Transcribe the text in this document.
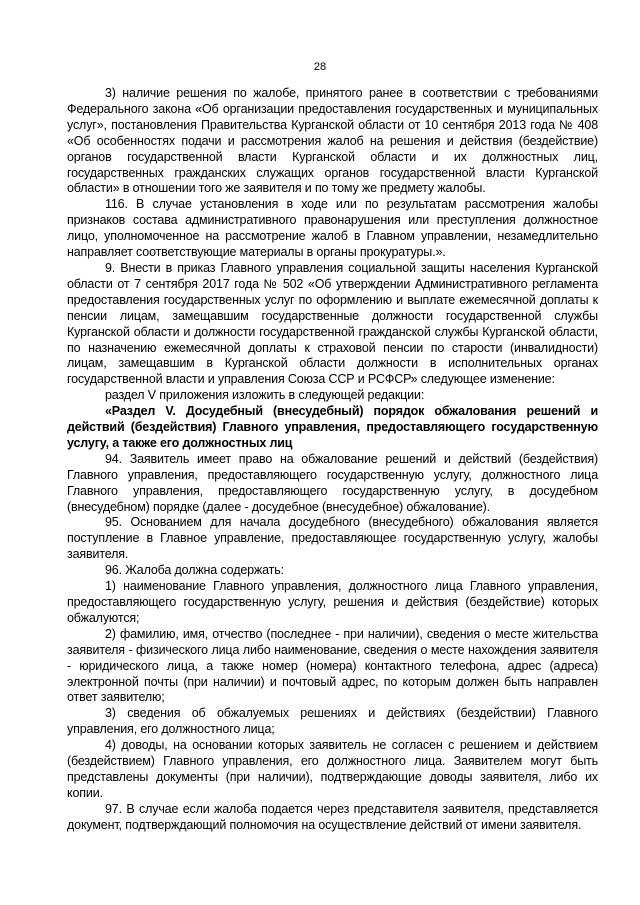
28

3) наличие решения по жалобе, принятого ранее в соответствии с требованиями Федерального закона «Об организации предоставления государственных и муниципальных услуг», постановления Правительства Курганской области от 10 сентября 2013 года № 408 «Об особенностях подачи и рассмотрения жалоб на решения и действия (бездействие) органов государственной власти Курганской области и их должностных лиц, государственных гражданских служащих органов государственной власти Курганской области» в отношении того же заявителя и по тому же предмету жалобы.

116. В случае установления в ходе или по результатам рассмотрения жалобы признаков состава административного правонарушения или преступления должностное лицо, уполномоченное на рассмотрение жалоб в Главном управлении, незамедлительно направляет соответствующие материалы в органы прокуратуры.».

9. Внести в приказ Главного управления социальной защиты населения Курганской области от 7 сентября 2017 года № 502 «Об утверждении Административного регламента предоставления государственных услуг по оформлению и выплате ежемесячной доплаты к пенсии лицам, замещавшим государственные должности государственной службы Курганской области и должности государственной гражданской службы Курганской области, по назначению ежемесячной доплаты к страховой пенсии по старости (инвалидности) лицам, замещавшим в Курганской области должности в исполнительных органах государственной власти и управления Союза ССР и РСФСР» следующее изменение:

раздел V приложения изложить в следующей редакции:

«Раздел V. Досудебный (внесудебный) порядок обжалования решений и действий (бездействия) Главного управления, предоставляющего государственную услугу, а также его должностных лиц

94. Заявитель имеет право на обжалование решений и действий (бездействия) Главного управления, предоставляющего государственную услугу, должностного лица Главного управления, предоставляющего государственную услугу, в досудебном (внесудебном) порядке (далее - досудебное (внесудебное) обжалование).

95. Основанием для начала досудебного (внесудебного) обжалования является поступление в Главное управление, предоставляющее государственную услугу, жалобы заявителя.

96. Жалоба должна содержать:

1) наименование Главного управления, должностного лица Главного управления, предоставляющего государственную услугу, решения и действия (бездействие) которых обжалуются;

2) фамилию, имя, отчество (последнее - при наличии), сведения о месте жительства заявителя - физического лица либо наименование, сведения о месте нахождения заявителя - юридического лица, а также номер (номера) контактного телефона, адрес (адреса) электронной почты (при наличии) и почтовый адрес, по которым должен быть направлен ответ заявителю;

3) сведения об обжалуемых решениях и действиях (бездействии) Главного управления, его должностного лица;

4) доводы, на основании которых заявитель не согласен с решением и действием (бездействием) Главного управления, его должностного лица. Заявителем могут быть представлены документы (при наличии), подтверждающие доводы заявителя, либо их копии.

97. В случае если жалоба подается через представителя заявителя, представляется документ, подтверждающий полномочия на осуществление действий от имени заявителя.
